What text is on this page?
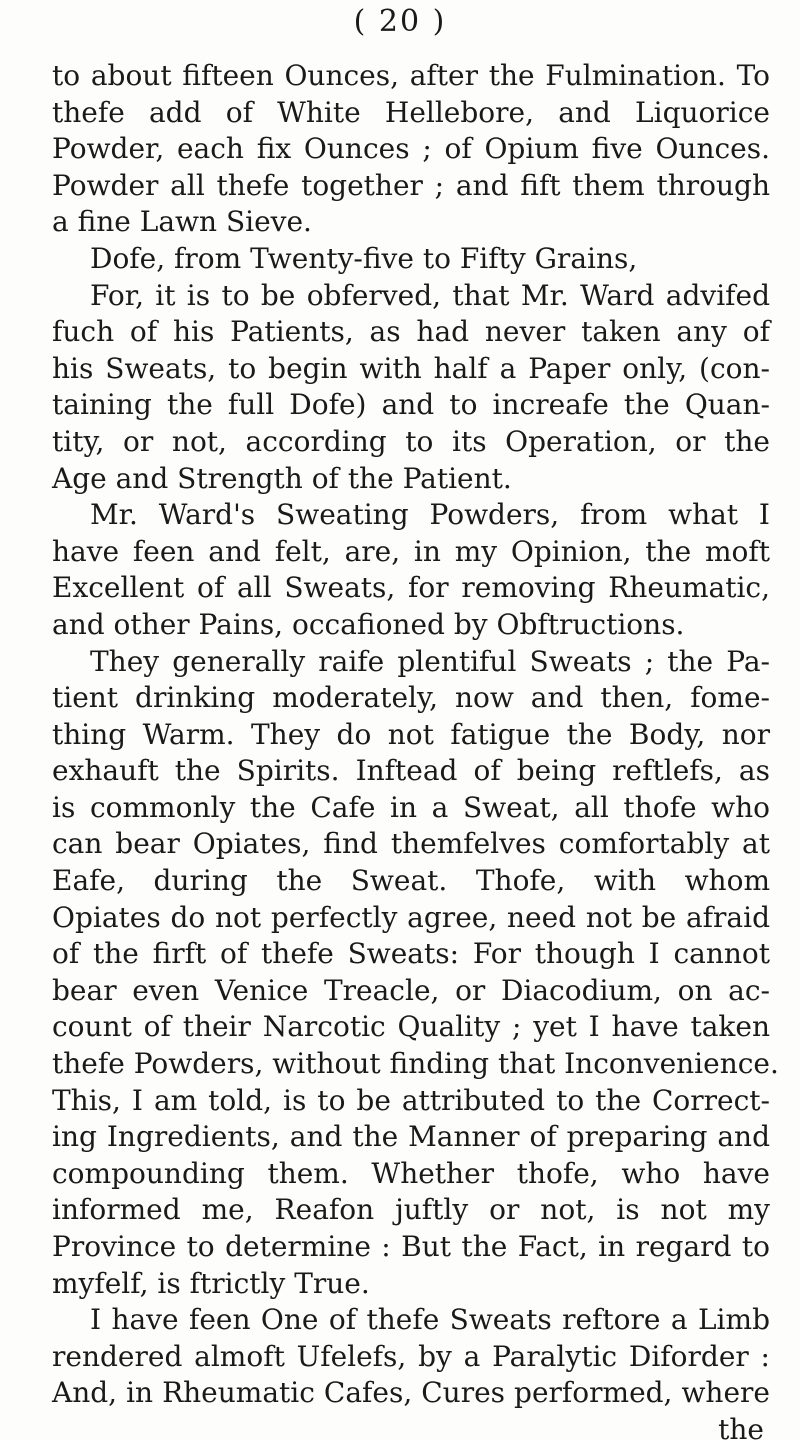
( 20 )
to about fifteen Ounces, after the Fulmination. To
thefe add of White Hellebore, and Liquorice
Powder, each fix Ounces ; of Opium five Ounces.
Powder all thefe together ; and fift them through
a fine Lawn Sieve.
Dofe, from Twenty-five to Fifty Grains,
For, it is to be obferved, that Mr. Ward advifed
fuch of his Patients, as had never taken any of
his Sweats, to begin with half a Paper only, (con-
taining the full Dofe) and to increafe the Quan-
tity, or not, according to its Operation, or the
Age and Strength of the Patient.
Mr. Ward's Sweating Powders, from what I
have feen and felt, are, in my Opinion, the moft
Excellent of all Sweats, for removing Rheumatic,
and other Pains, occafioned by Obftructions.
They generally raife plentiful Sweats ; the Pa-
tient drinking moderately, now and then, fome-
thing Warm. They do not fatigue the Body, nor
exhauft the Spirits. Inftead of being reftlefs, as
is commonly the Cafe in a Sweat, all thofe who
can bear Opiates, find themfelves comfortably at
Eafe, during the Sweat. Thofe, with whom
Opiates do not perfectly agree, need not be afraid
of the firft of thefe Sweats: For though I cannot
bear even Venice Treacle, or Diacodium, on ac-
count of their Narcotic Quality ; yet I have taken
thefe Powders, without finding that Inconvenience.
This, I am told, is to be attributed to the Correct-
ing Ingredients, and the Manner of preparing and
compounding them. Whether thofe, who have
informed me, Reafon juftly or not, is not my
Province to determine : But the Fact, in regard to
myfelf, is ftrictly True.
I have feen One of thefe Sweats reftore a Limb
rendered almoft Ufelefs, by a Paralytic Diforder :
And, in Rheumatic Cafes, Cures performed, where
the
